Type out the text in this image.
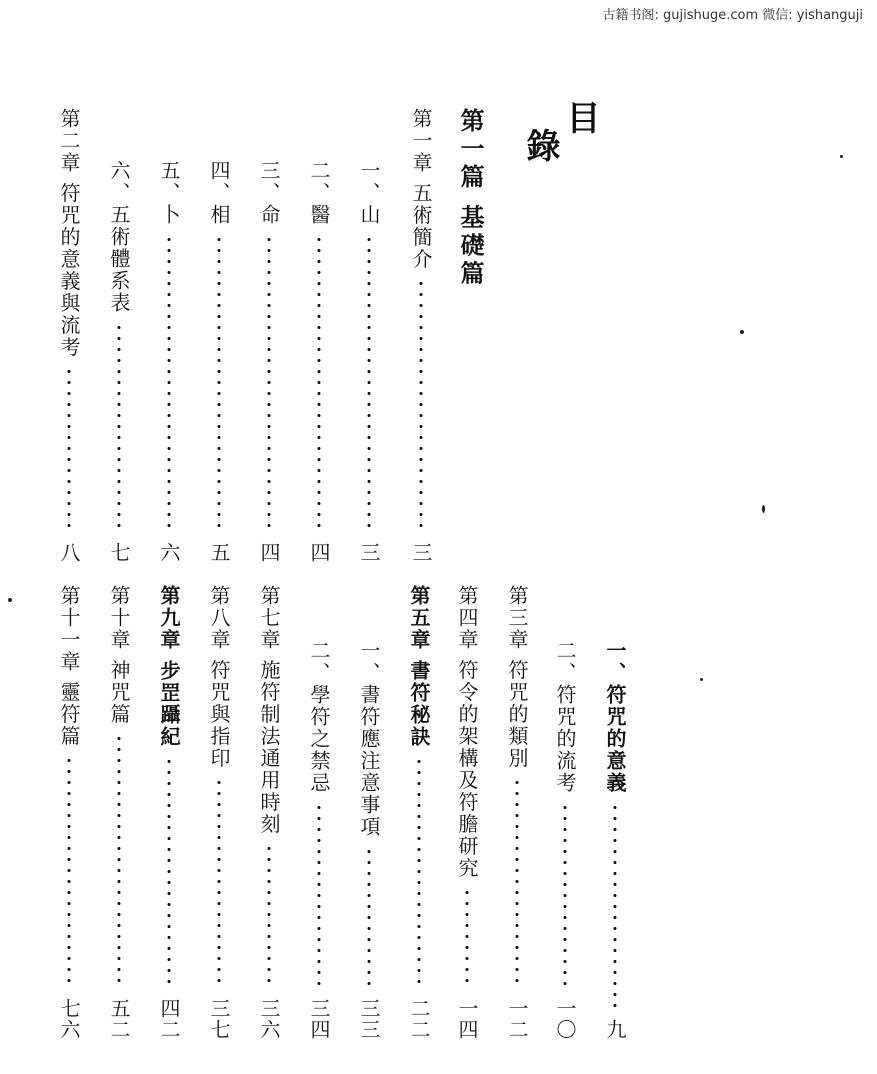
古籍书阁: gujishuge.com 微信: yishanguji
目
錄
第一篇 基礎篇
第一章 五術簡介
三
一、山
三
二、醫
四
三、命
四
四、相
五
五、卜
六
六、五術體系表
七
第二章 符咒的意義與流考
八
一、符咒的意義
九
二、符咒的流考
一〇
第三章 符咒的類別
一二
第四章 符令的架構及符膽研究
一四
第五章 書符秘訣
二二
一、書符應注意事項
三三
二、學符之禁忌
三四
第七章 施符制法通用時刻
三六
第八章 符咒與指印
三七
第九章 步罡躡紀
四二
第十章 神咒篇
五二
第十一章 靈符篇
七六
